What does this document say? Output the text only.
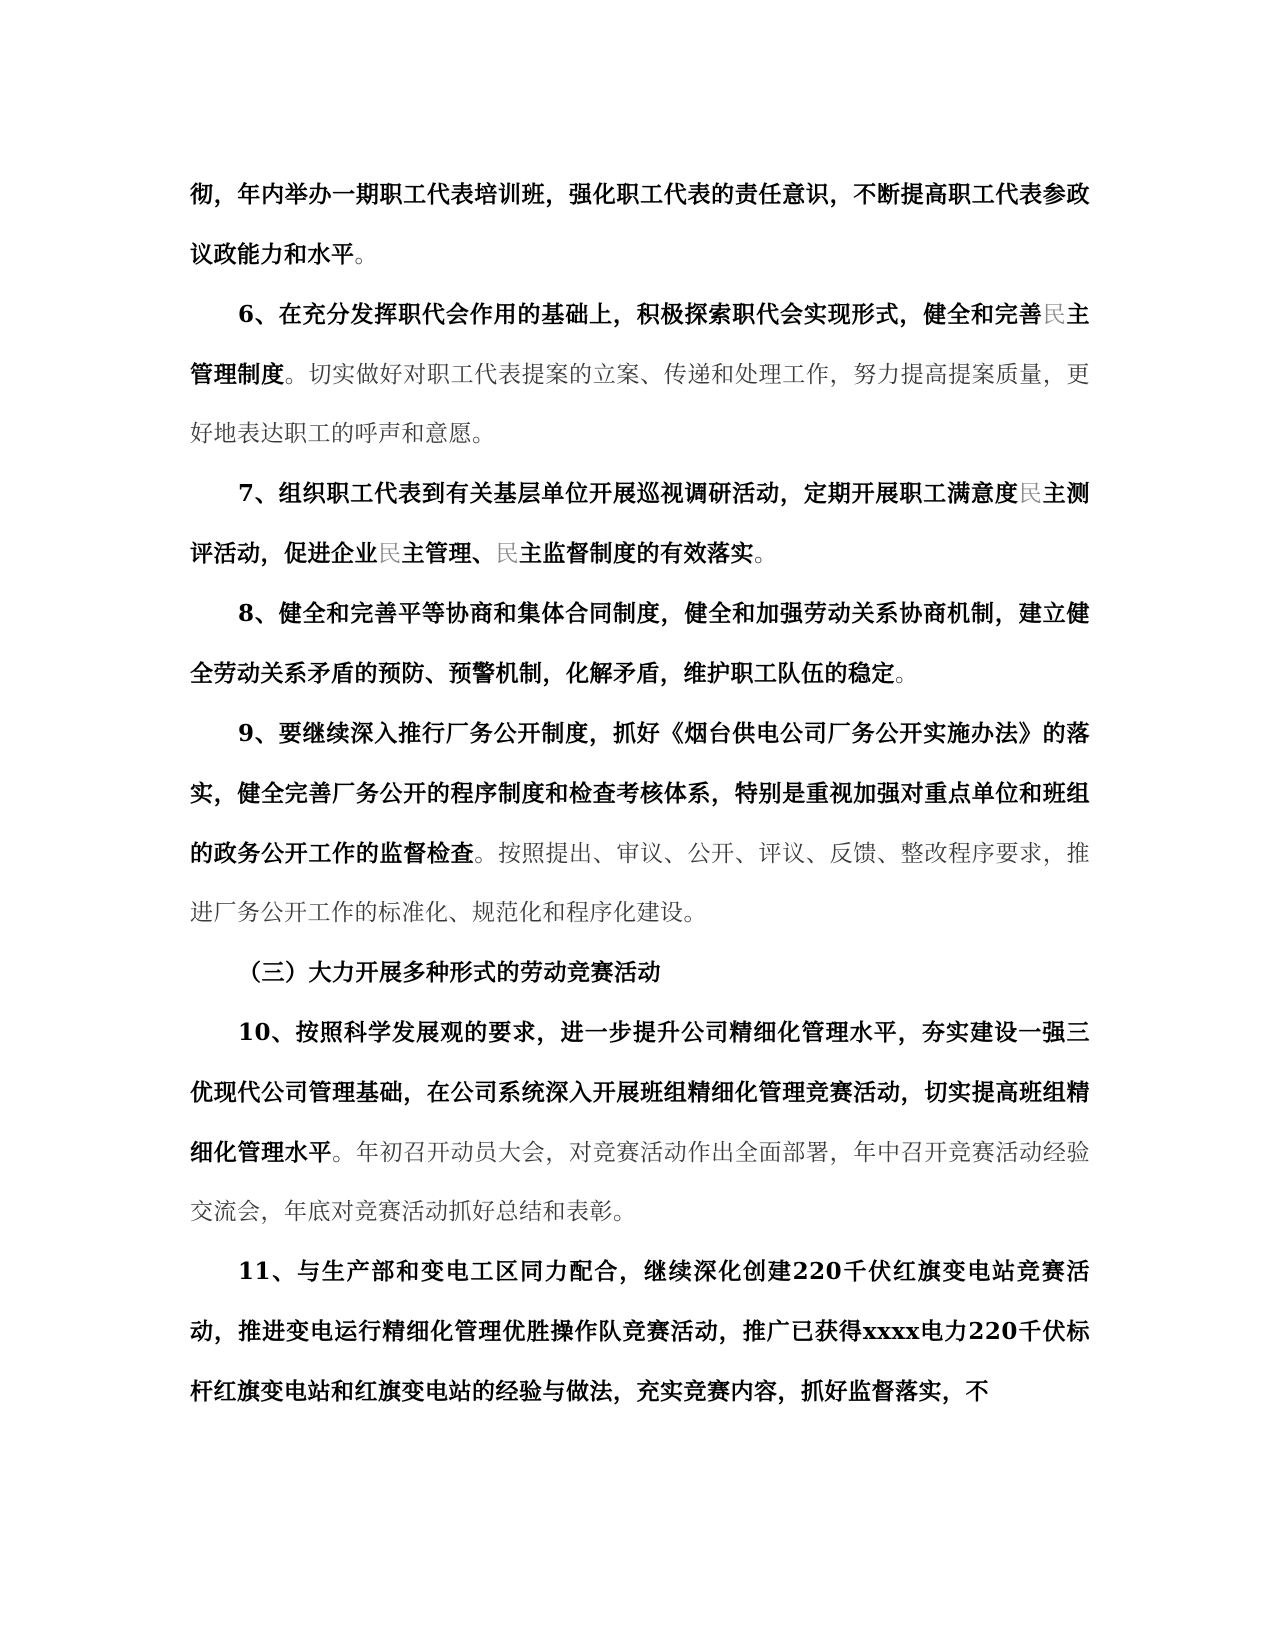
彻，年内举办一期职工代表培训班，强化职工代表的责任意识，不断提高职工代表参政议政能力和水平。

6、在充分发挥职代会作用的基础上，积极探索职代会实现形式，健全和完善民主管理制度。切实做好对职工代表提案的立案、传递和处理工作，努力提高提案质量，更好地表达职工的呼声和意愿。

7、组织职工代表到有关基层单位开展巡视调研活动，定期开展职工满意度民主测评活动，促进企业民主管理、民主监督制度的有效落实。

8、健全和完善平等协商和集体合同制度，健全和加强劳动关系协商机制，建立健全劳动关系矛盾的预防、预警机制，化解矛盾，维护职工队伍的稳定。

9、要继续深入推行厂务公开制度，抓好《烟台供电公司厂务公开实施办法》的落实，健全完善厂务公开的程序制度和检查考核体系，特别是重视加强对重点单位和班组的政务公开工作的监督检查。按照提出、审议、公开、评议、反馈、整改程序要求，推进厂务公开工作的标准化、规范化和程序化建设。

（三）大力开展多种形式的劳动竞赛活动

10、按照科学发展观的要求，进一步提升公司精细化管理水平，夯实建设一强三优现代公司管理基础，在公司系统深入开展班组精细化管理竞赛活动，切实提高班组精细化管理水平。年初召开动员大会，对竞赛活动作出全面部署，年中召开竞赛活动经验交流会，年底对竞赛活动抓好总结和表彰。

11、与生产部和变电工区同力配合，继续深化创建220千伏红旗变电站竞赛活动，推进变电运行精细化管理优胜操作队竞赛活动，推广已获得xxxx电力220千伏标杆红旗变电站和红旗变电站的经验与做法，充实竞赛内容，抓好监督落实，不
